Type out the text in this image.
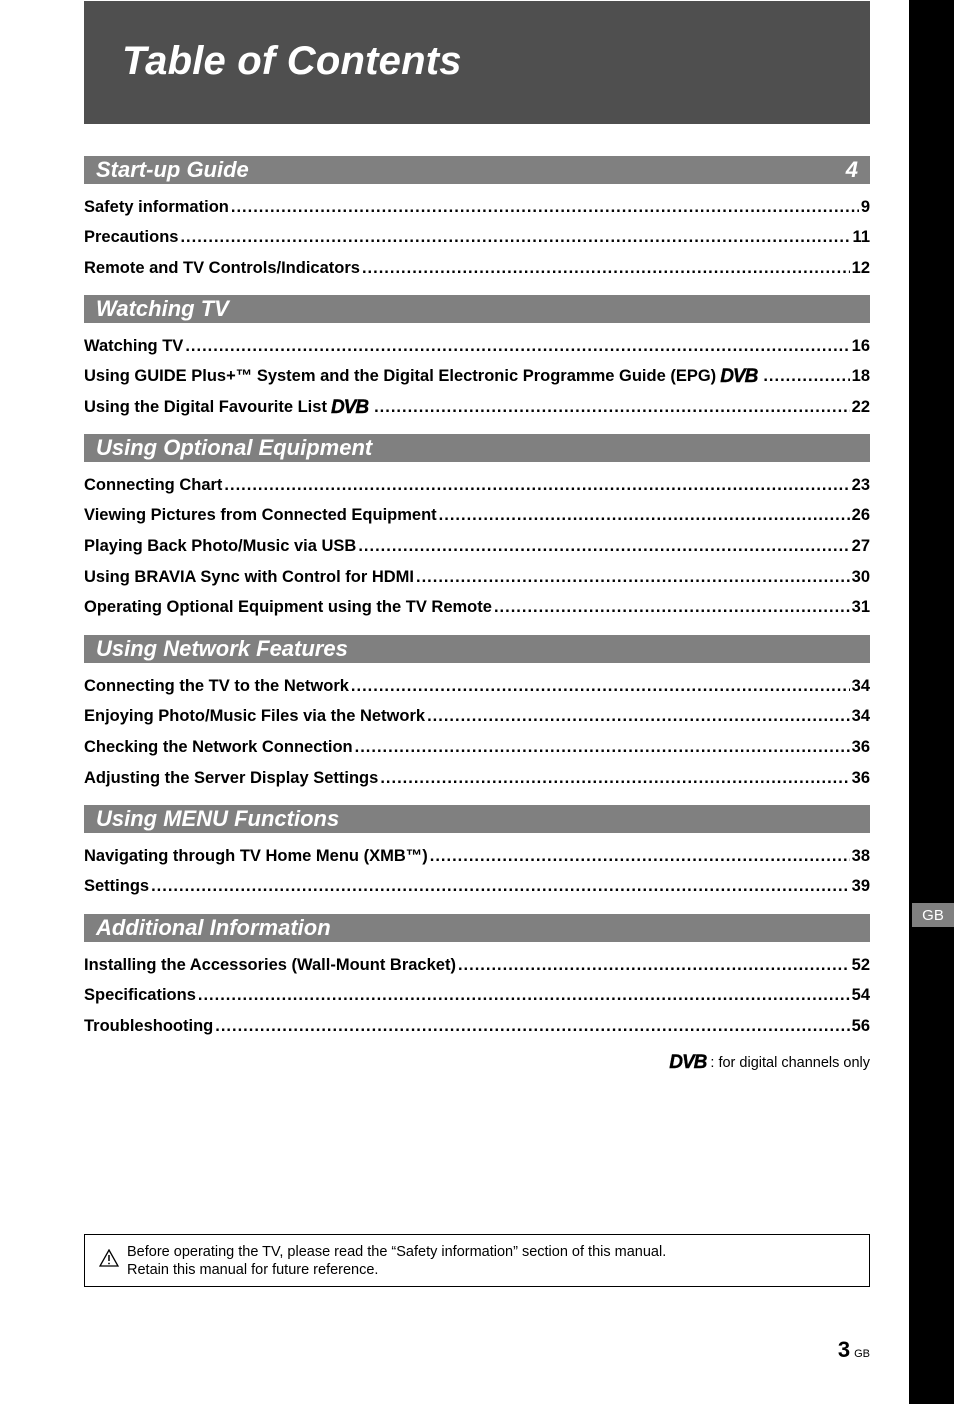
Table of Contents
GB
Start-up Guide	4
Safety information .....	9
Precautions .....	11
Remote and TV Controls/Indicators .....	12
Watching TV
Watching TV .....	16
Using GUIDE Plus+™ System and the Digital Electronic Programme Guide (EPG) DVB .....	18
Using the Digital Favourite List DVB .....	22
Using Optional Equipment
Connecting Chart .....	23
Viewing Pictures from Connected Equipment .....	26
Playing Back Photo/Music via USB .....	27
Using BRAVIA Sync with Control for HDMI .....	30
Operating Optional Equipment using the TV Remote .....	31
Using Network Features
Connecting the TV to the Network .....	34
Enjoying Photo/Music Files via the Network .....	34
Checking the Network Connection .....	36
Adjusting the Server Display Settings .....	36
Using MENU Functions
Navigating through TV Home Menu (XMB™) .....	38
Settings .....	39
Additional Information
Installing the Accessories (Wall-Mount Bracket) .....	52
Specifications .....	54
Troubleshooting .....	56
DVB : for digital channels only
Before operating the TV, please read the “Safety information” section of this manual.
Retain this manual for future reference.
3 GB
